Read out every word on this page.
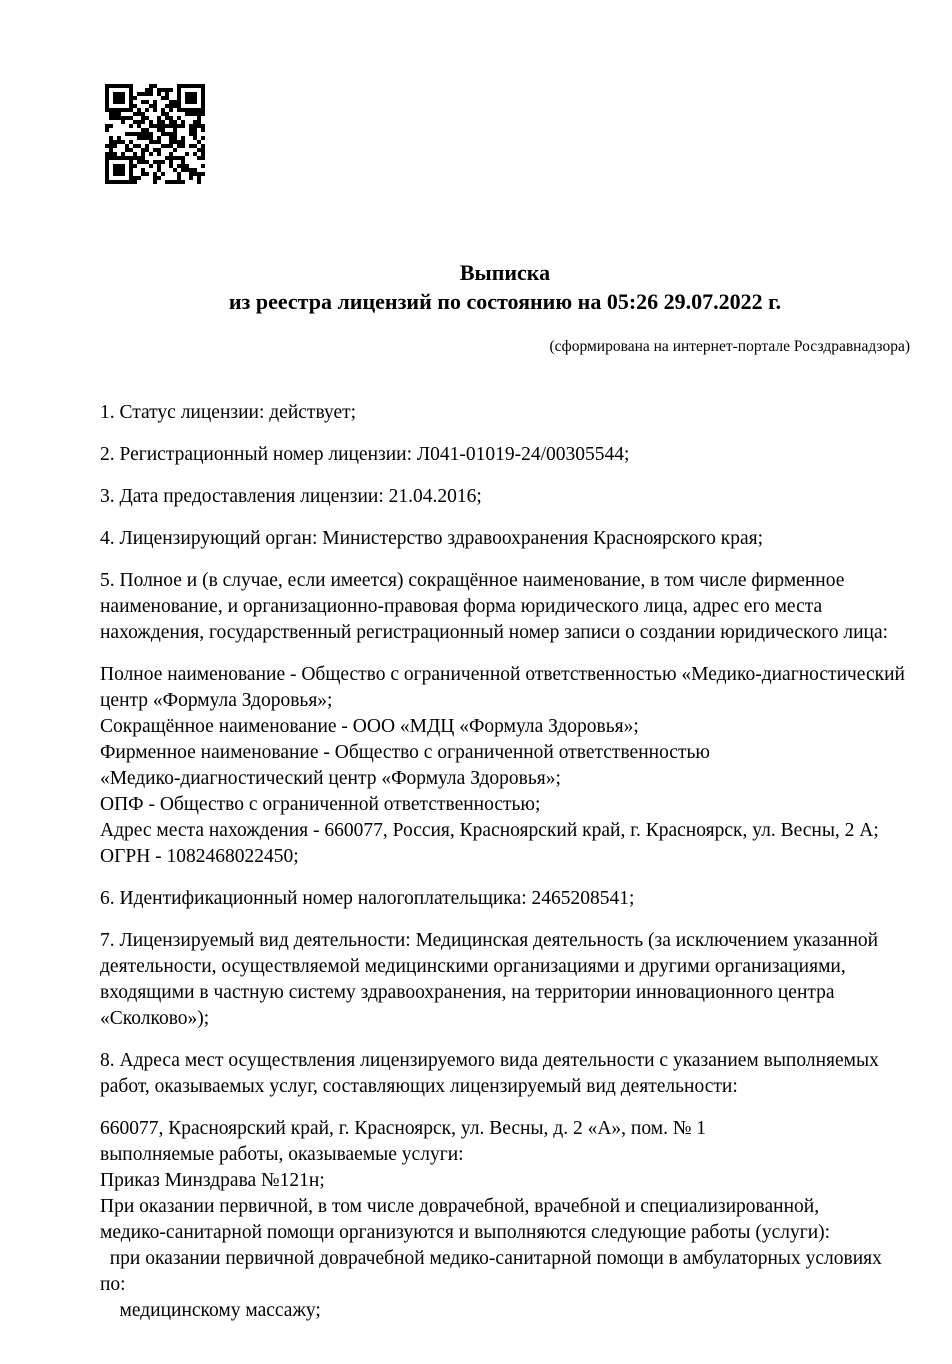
Выписка
из реестра лицензий по состоянию на 05:26 29.07.2022 г.
(сформирована на интернет-портале Росздравнадзора)
1. Статус лицензии: действует;
2. Регистрационный номер лицензии: Л041-01019-24/00305544;
3. Дата предоставления лицензии: 21.04.2016;
4. Лицензирующий орган: Министерство здравоохранения Красноярского края;
5. Полное и (в случае, если имеется) сокращённое наименование, в том числе фирменное
наименование, и организационно-правовая форма юридического лица, адрес его места
нахождения, государственный регистрационный номер записи о создании юридического лица:
Полное наименование - Общество с ограниченной ответственностью «Медико-диагностический
центр «Формула Здоровья»;
Сокращённое наименование - ООО «МДЦ «Формула Здоровья»;
Фирменное наименование - Общество с ограниченной ответственностью
«Медико-диагностический центр «Формула Здоровья»;
ОПФ - Общество с ограниченной ответственностью;
Адрес места нахождения - 660077, Россия, Красноярский край, г. Красноярск, ул. Весны, 2 А;
ОГРН - 1082468022450;
6. Идентификационный номер налогоплательщика: 2465208541;
7. Лицензируемый вид деятельности: Медицинская деятельность (за исключением указанной
деятельности, осуществляемой медицинскими организациями и другими организациями,
входящими в частную систему здравоохранения, на территории инновационного центра
«Сколково»);
8. Адреса мест осуществления лицензируемого вида деятельности с указанием выполняемых
работ, оказываемых услуг, составляющих лицензируемый вид деятельности:
660077, Красноярский край, г. Красноярск, ул. Весны, д. 2 «А», пом. № 1
выполняемые работы, оказываемые услуги:
Приказ Минздрава №121н;
При оказании первичной, в том числе доврачебной, врачебной и специализированной,
медико-санитарной помощи организуются и выполняются следующие работы (услуги):
при оказании первичной доврачебной медико-санитарной помощи в амбулаторных условиях
по:
медицинскому массажу;
